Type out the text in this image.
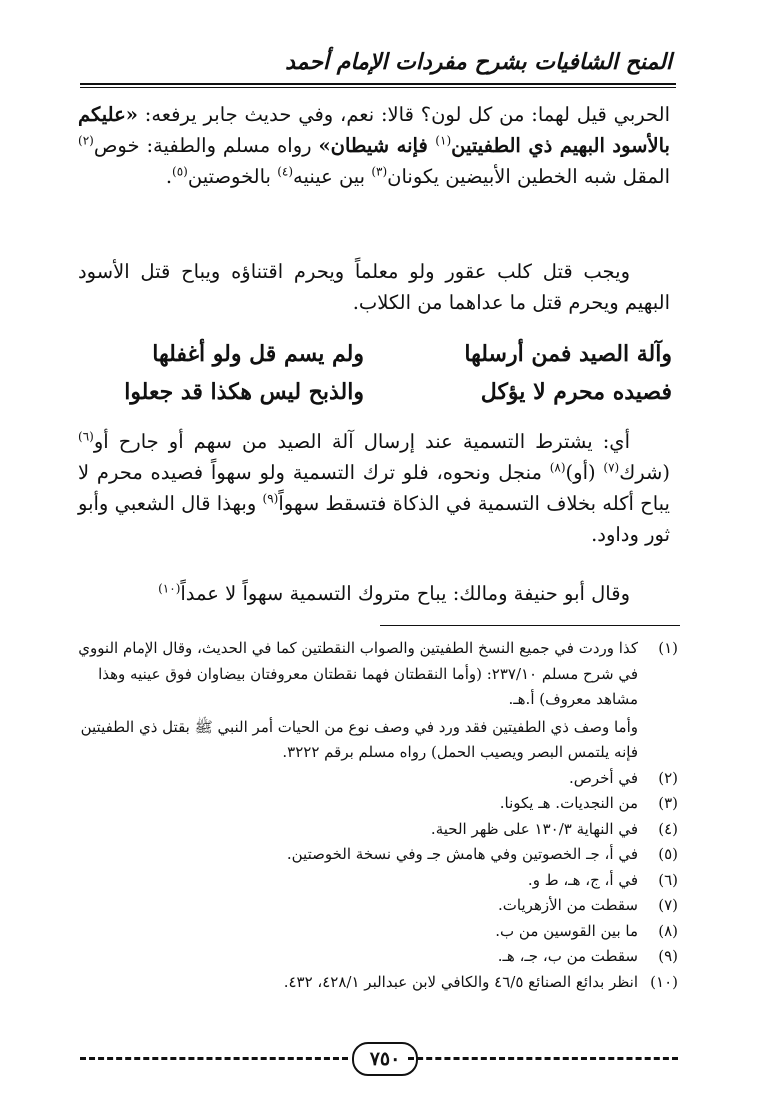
المنح الشافيات بشرح مفردات الإمام أحمد
الحربي قيل لهما: من كل لون؟ قالا: نعم، وفي حديث جابر يرفعه: «عليكم بالأسود البهيم ذي الطفيتين$^{(١)}$ فإنه شيطان» رواه مسلم والطفية: خوص$^{(٢)}$ المقل شبه الخطين الأبيضين يكونان$^{(٣)}$ بين عينيه$^{(٤)}$ بالخوصتين$^{(٥)}$.
ويجب قتل كلب عقور ولو معلماً ويحرم اقتناؤه ويباح قتل الأسود البهيم ويحرم قتل ما عداهما من الكلاب.
وآلة الصيد فمن أرسلها
ولم يسم قل ولو أغفلها
فصيده محرم لا يؤكل
والذبح ليس هكذا قد جعلوا
أي: يشترط التسمية عند إرسال آلة الصيد من سهم أو جارح أو$^{(٦)}$ (شرك$^{(٧)}$ (أو)$^{(٨)}$ منجل ونحوه، فلو ترك التسمية ولو سهواً فصيده محرم لا يباح أكله بخلاف التسمية في الذكاة فتسقط سهواً$^{(٩)}$ وبهذا قال الشعبي وأبو ثور وداود.
وقال أبو حنيفة ومالك: يباح متروك التسمية سهواً لا عمداً$^{(١٠)}$
(١)
كذا وردت في جميع النسخ الطفيتين والصواب النقطتين كما في الحديث، وقال الإمام النووي في شرح مسلم ٢٣٧/١٠: (وأما النقطتان فهما نقطتان معروفتان بيضاوان فوق عينيه وهذا مشاهد معروف) أ.هـ.
وأما وصف ذي الطفيتين فقد ورد في وصف نوع من الحيات أمر النبي ﷺ بقتل ذي الطفيتين فإنه يلتمس البصر ويصيب الحمل) رواه مسلم برقم ٣٢٢٢.
(٢)
في أخرص.
(٣)
من النجديات. هـ يكونا.
(٤)
في النهاية ١٣٠/٣ على ظهر الحية.
(٥)
في أ، جـ الخصوتين وفي هامش جـ وفي نسخة الخوصتين.
(٦)
في أ، ج، هـ، ط و.
(٧)
سقطت من الأزهريات.
(٨)
ما بين القوسين من ب.
(٩)
سقطت من ب، جـ، هـ.
(١٠)
انظر بدائع الصنائع ٤٦/٥ والكافي لابن عبدالبر ٤٢٨/١، ٤٣٢.
٧٥٠
